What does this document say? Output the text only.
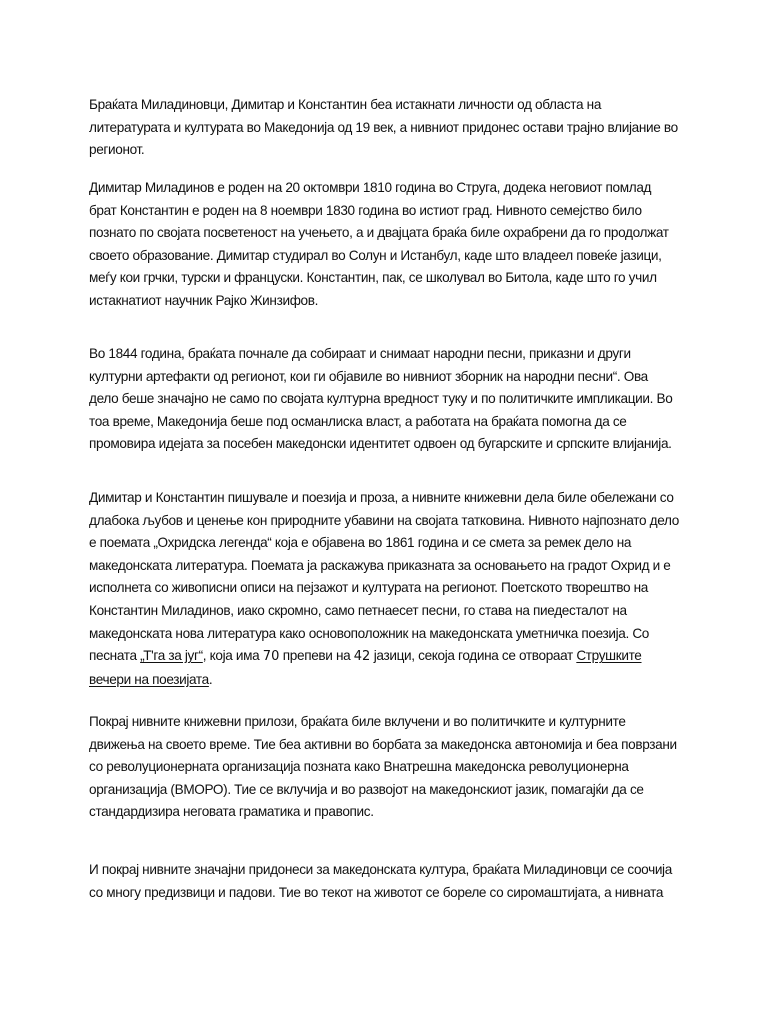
Браќата Миладиновци, Димитар и Константин беа истакнати личности од областа на литературата и културата во Македонија од 19 век, а нивниот придонес остави трајно влијание во регионот.

Димитар Миладинов е роден на 20 октомври 1810 година во Струга, додека неговиот помлад брат Константин е роден на 8 ноември 1830 година во истиот град. Нивното семејство било познато по својата посветеност на учењето, а и двајцата браќа биле охрабрени да го продолжат своето образование. Димитар студирал во Солун и Истанбул, каде што владеел повеќе јазици, меѓу кои грчки, турски и француски. Константин, пак, се школувал во Битола, каде што го учил истакнатиот научник Рајко Жинзифов.

Во 1844 година, браќата почнале да собираат и снимаат народни песни, приказни и други културни артефакти од регионот, кои ги објавиле во нивниот зборник на народни песни“. Ова дело беше значајно не само по својата културна вредност туку и по политичките импликации. Во тоа време, Македонија беше под османлиска власт, а работата на браќата помогна да се промовира идејата за посебен македонски идентитет одвоен од бугарските и српските влијанија.

Димитар и Константин пишувале и поезија и проза, а нивните книжевни дела биле обележани со длабока љубов и ценење кон природните убавини на својата татковина. Нивното најпознато дело е поемата „Охридска легенда“ која е објавена во 1861 година и се смета за ремек дело на македонската литература. Поемата ја раскажува приказната за основањето на градот Охрид и е исполнета со живописни описи на пејзажот и културата на регионот. Поетското творештво на Константин Миладинов, иако скромно, само петнаесет песни, го става на пиедесталот на македонската нова литература како основоположник на македонската уметничка поезија. Со песната „Т'га за југ“, која има 70 препеви на 42 јазици, секоја година се отвораат Струшките вечери на поезијата.

Покрај нивните книжевни прилози, браќата биле вклучени и во политичките и културните движења на своето време. Тие беа активни во борбата за македонска автономија и беа поврзани со револуционерната организација позната како Внатрешна македонска револуционерна организација (ВМОРО). Тие се вклучија и во развојот на македонскиот јазик, помагајќи да се стандардизира неговата граматика и правопис.

И покрај нивните значајни придонеси за македонската култура, браќата Миладиновци се соочија со многу предизвици и падови. Тие во текот на животот се бореле со сиромаштијата, а нивната
